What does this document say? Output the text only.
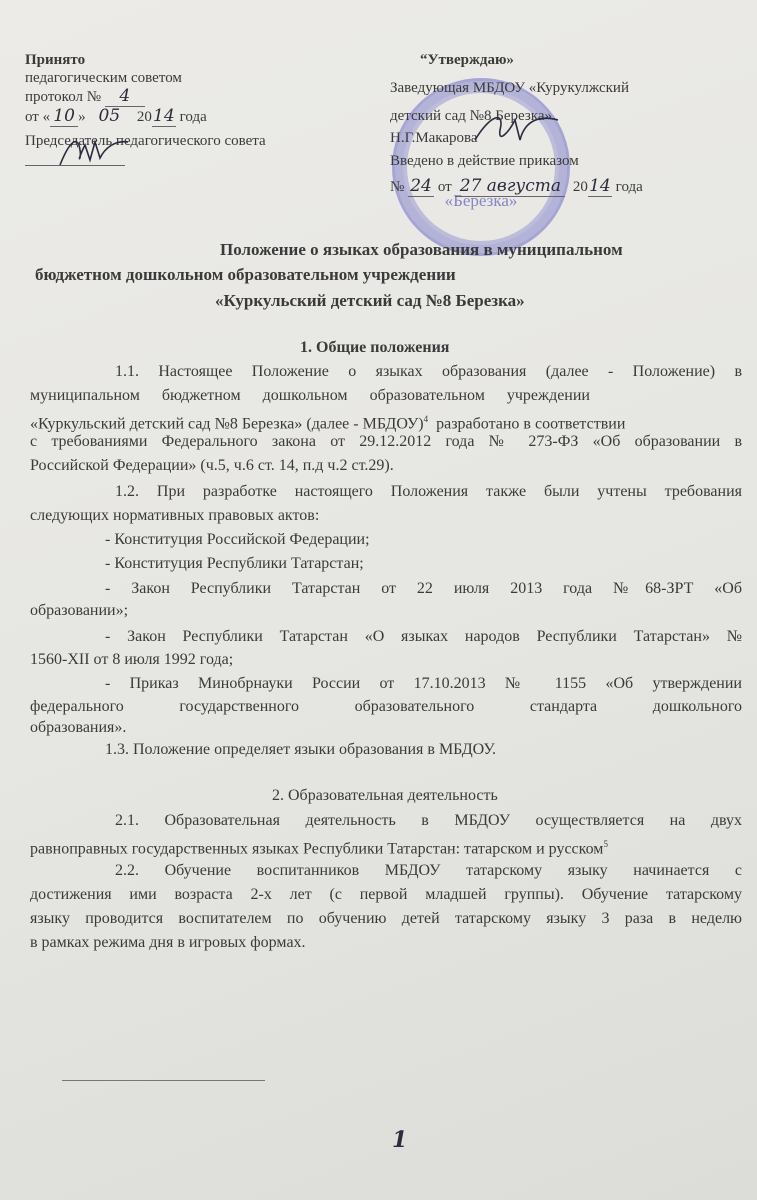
Принято
педагогическим советом
протокол № 4
от « 10 » 05 2014 года
Председатель педагогического совета
«Березка»
“Утверждаю»
Заведующая МБДОУ «Курукулжский
детский сад №8 Березка»
Н.Г.Макарова
Введено в действие приказом
№ 24 от 27 августа 2014 года
Положение о языках образования в муниципальном
бюджетном дошкольном образовательном учреждении
«Куркульский детский сад №8 Березка»
1. Общие положения
1.1. Настоящее Положение о языках образования (далее - Положение) в
муниципальном бюджетном дошкольном образовательном учреждении
«Куркульский детский сад №8 Березка» (далее - МБДОУ)$^4$ разработано в соответствии
с требованиями Федерального закона от 29.12.2012 года № 273-ФЗ «Об образовании в
Российской Федерации» (ч.5, ч.6 ст. 14, п.д ч.2 ст.29).
1.2. При разработке настоящего Положения также были учтены требования
следующих нормативных правовых актов:
- Конституция Российской Федерации;
- Конституция Республики Татарстан;
- Закон Республики Татарстан от 22 июля 2013 года №68-ЗРТ «Об
образовании»;
- Закон Республики Татарстан «О языках народов Республики Татарстан» №
1560-XII от 8 июля 1992 года;
- Приказ Минобрнауки России от 17.10.2013 № 1155 «Об утверждении
федерального государственного образовательного стандарта дошкольного
образования».
1.3. Положение определяет языки образования в МБДОУ.
2. Образовательная деятельность
2.1. Образовательная деятельность в МБДОУ осуществляется на двух
равноправных государственных языках Республики Татарстан: татарском и русском$^5$
2.2. Обучение воспитанников МБДОУ татарскому языку начинается с
достижения ими возраста 2-х лет (с первой младшей группы). Обучение татарскому
языку проводится воспитателем по обучению детей татарскому языку 3 раза в неделю
в рамках режима дня в игровых формах.
1
